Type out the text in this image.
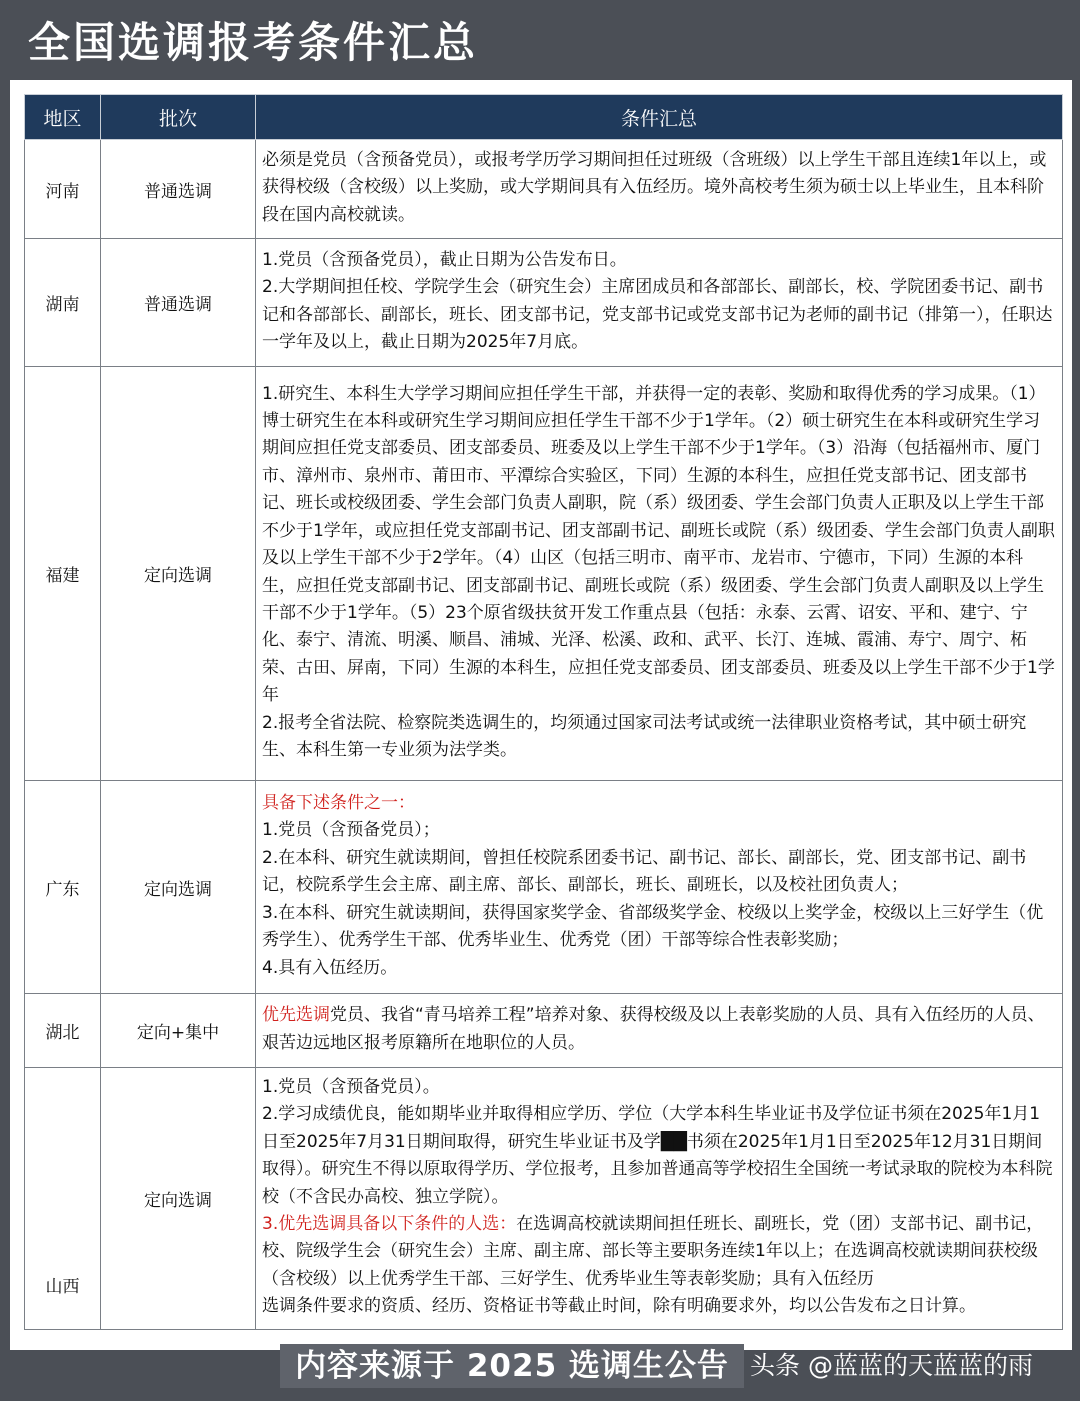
全国选调报考条件汇总
地区	批次	条件汇总
河南	普通选调	必须是党员（含预备党员），或报考学历学习期间担任过班级（含班级）以上学生干部且连续1年以上，或获得校级（含校级）以上奖励，或大学期间具有入伍经历。境外高校考生须为硕士以上毕业生，且本科阶段在国内高校就读。

湖南	普通选调	1.党员（含预备党员），截止日期为公告发布日。

2.大学期间担任校、学院学生会（研究生会）主席团成员和各部部长、副部长，校、学院团委书记、副书记和各部部长、副部长，班长、团支部书记，党支部书记或党支部书记为老师的副书记（排第一），任职达一学年及以上，截止日期为2025年7月底。

福建	定向选调	1.研究生、本科生大学学习期间应担任学生干部，并获得一定的表彰、奖励和取得优秀的学习成果。（1）博士研究生在本科或研究生学习期间应担任学生干部不少于1学年。（2）硕士研究生在本科或研究生学习期间应担任党支部委员、团支部委员、班委及以上学生干部不少于1学年。（3）沿海（包括福州市、厦门市、漳州市、泉州市、莆田市、平潭综合实验区，下同）生源的本科生，应担任党支部书记、团支部书记、班长或校级团委、学生会部门负责人副职，院（系）级团委、学生会部门负责人正职及以上学生干部不少于1学年，或应担任党支部副书记、团支部副书记、副班长或院（系）级团委、学生会部门负责人副职及以上学生干部不少于2学年。（4）山区（包括三明市、南平市、龙岩市、宁德市，下同）生源的本科生，应担任党支部副书记、团支部副书记、副班长或院（系）级团委、学生会部门负责人副职及以上学生干部不少于1学年。（5）23个原省级扶贫开发工作重点县（包括：永泰、云霄、诏安、平和、建宁、宁化、泰宁、清流、明溪、顺昌、浦城、光泽、松溪、政和、武平、长汀、连城、霞浦、寿宁、周宁、柘荣、古田、屏南，下同）生源的本科生，应担任党支部委员、团支部委员、班委及以上学生干部不少于1学年

2.报考全省法院、检察院类选调生的，均须通过国家司法考试或统一法律职业资格考试，其中硕士研究生、本科生第一专业须为法学类。

广东	定向选调	具备下述条件之一：

1.党员（含预备党员）；

2.在本科、研究生就读期间，曾担任校院系团委书记、副书记、部长、副部长，党、团支部书记、副书记，校院系学生会主席、副主席、部长、副部长，班长、副班长，以及校社团负责人；

3.在本科、研究生就读期间，获得国家奖学金、省部级奖学金、校级以上奖学金，校级以上三好学生（优秀学生）、优秀学生干部、优秀毕业生、优秀党（团）干部等综合性表彰奖励；

4.具有入伍经历。

湖北	定向+集中	优先选调党员、我省“青马培养工程”培养对象、获得校级及以上表彰奖励的人员、具有入伍经历的人员、艰苦边远地区报考原籍所在地职位的人员。

山西	定向选调	1.党员（含预备党员）。

2.学习成绩优良，能如期毕业并取得相应学历、学位（大学本科生毕业证书及学位证书须在2025年1月1日至2025年7月31日期间取得，研究生毕业证书及学██书须在2025年1月1日至2025年12月31日期间取得）。研究生不得以原取得学历、学位报考，且参加普通高等学校招生全国统一考试录取的院校为本科院校（不含民办高校、独立学院）。

3.优先选调具备以下条件的人选：在选调高校就读期间担任班长、副班长，党（团）支部书记、副书记，校、院级学生会（研究生会）主席、副主席、部长等主要职务连续1年以上；在选调高校就读期间获校级（含校级）以上优秀学生干部、三好学生、优秀毕业生等表彰奖励；具有入伍经历

选调条件要求的资质、经历、资格证书等截止时间，除有明确要求外，均以公告发布之日计算。

内容来源于 2025 选调生公告 头条 @蓝蓝的天蓝蓝的雨
